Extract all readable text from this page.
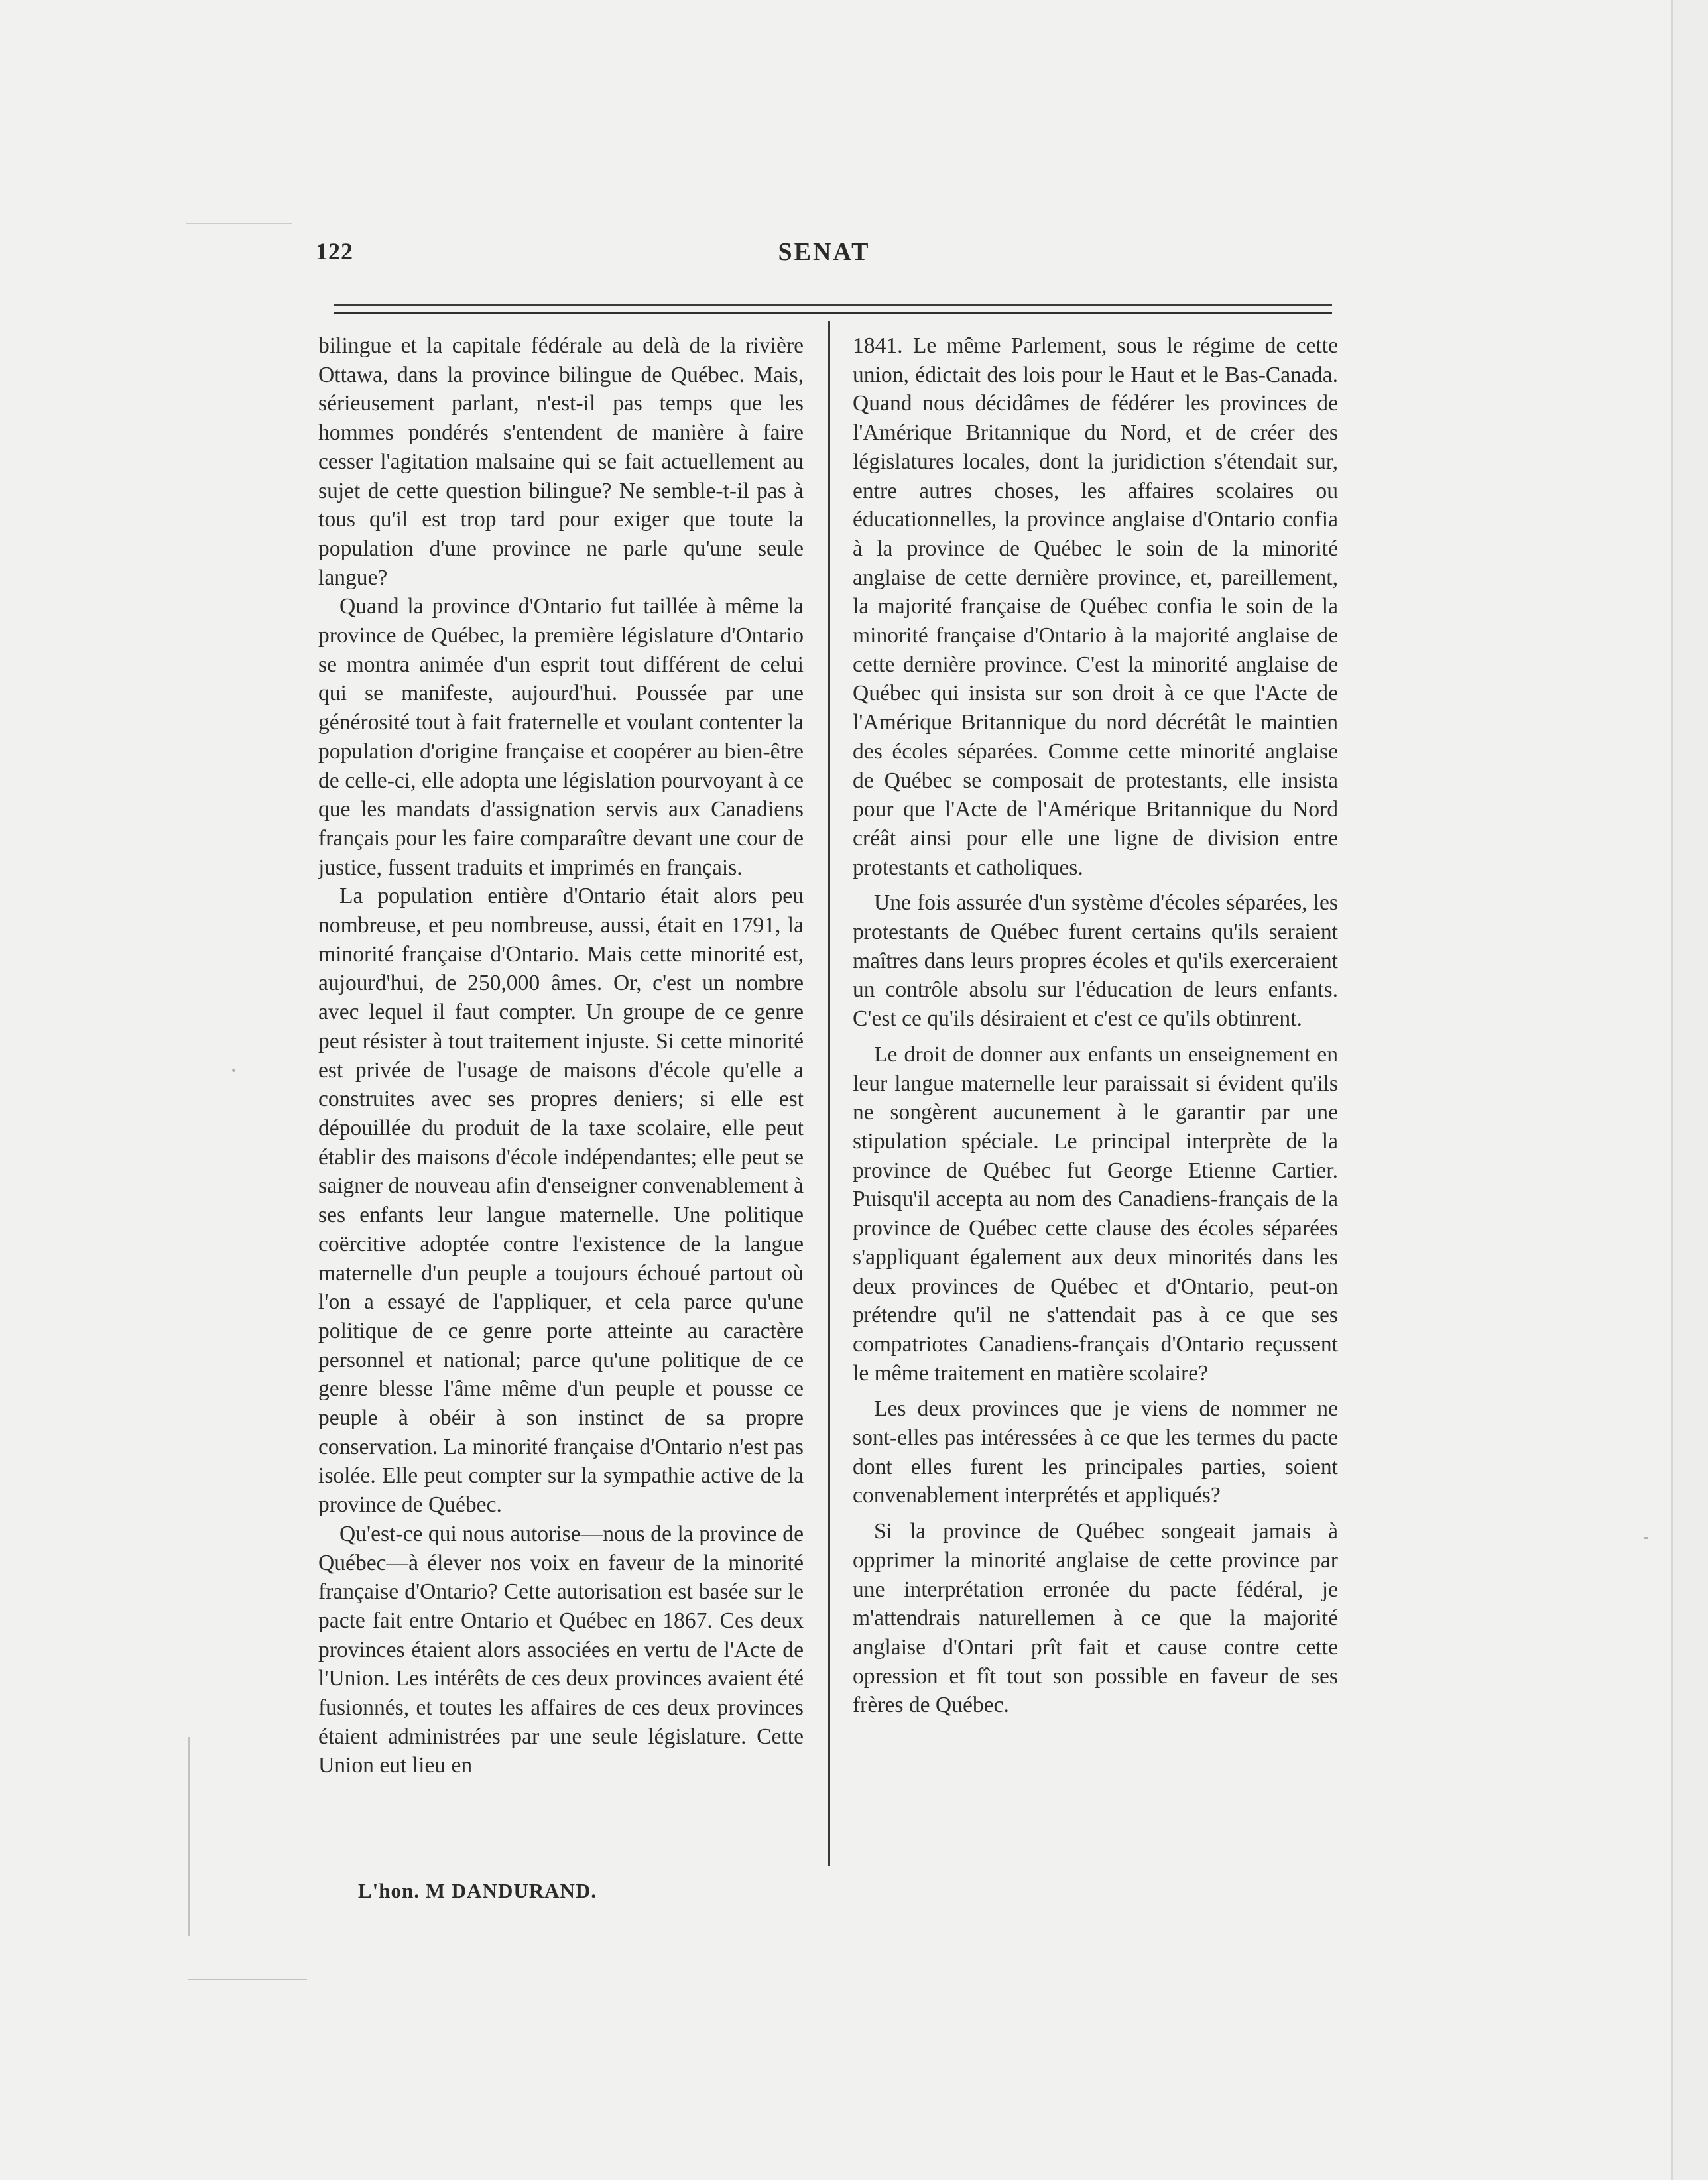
122	SENAT

bilingue et la capitale fédérale au delà de la rivière Ottawa, dans la province bilingue de Québec. Mais, sérieusement parlant, n'est-il pas temps que les hommes pondérés s'entendent de manière à faire cesser l'agitation malsaine qui se fait actuellement au sujet de cette question bilingue? Ne semble-t-il pas à tous qu'il est trop tard pour exiger que toute la population d'une province ne parle qu'une seule langue?

Quand la province d'Ontario fut taillée à même la province de Québec, la première législature d'Ontario se montra animée d'un esprit tout différent de celui qui se manifeste, aujourd'hui. Poussée par une générosité tout à fait fraternelle et voulant contenter la population d'origine française et coopérer au bien-être de celle-ci, elle adopta une législation pourvoyant à ce que les mandats d'assignation servis aux Canadiens français pour les faire comparaître devant une cour de justice, fussent traduits et imprimés en français.

La population entière d'Ontario était alors peu nombreuse, et peu nombreuse, aussi, était en 1791, la minorité française d'Ontario. Mais cette minorité est, aujourd'hui, de 250,000 âmes. Or, c'est un nombre avec lequel il faut compter. Un groupe de ce genre peut résister à tout traitement injuste. Si cette minorité est privée de l'usage de maisons d'école qu'elle a construites avec ses propres deniers; si elle est dépouillée du produit de la taxe scolaire, elle peut établir des maisons d'école indépendantes; elle peut se saigner de nouveau afin d'enseigner convenablement à ses enfants leur langue maternelle. Une politique coërcitive adoptée contre l'existence de la langue maternelle d'un peuple a toujours échoué partout où l'on a essayé de l'appliquer, et cela parce qu'une politique de ce genre porte atteinte au caractère personnel et national; parce qu'une politique de ce genre blesse l'âme même d'un peuple et pousse ce peuple à obéir à son instinct de sa propre conservation. La minorité française d'Ontario n'est pas isolée. Elle peut compter sur la sympathie active de la province de Québec.

Qu'est-ce qui nous autorise—nous de la province de Québec—à élever nos voix en faveur de la minorité française d'Ontario? Cette autorisation est basée sur le pacte fait entre Ontario et Québec en 1867. Ces deux provinces étaient alors associées en vertu de l'Acte de l'Union. Les intérêts de ces deux provinces avaient été fusionnés, et toutes les affaires de ces deux provinces étaient administrées par une seule législature. Cette Union eut lieu en

1841. Le même Parlement, sous le régime de cette union, édictait des lois pour le Haut et le Bas-Canada. Quand nous décidâmes de fédérer les provinces de l'Amérique Britannique du Nord, et de créer des législatures locales, dont la juridiction s'étendait sur, entre autres choses, les affaires scolaires ou éducationnelles, la province anglaise d'Ontario confia à la province de Québec le soin de la minorité anglaise de cette dernière province, et, pareillement, la majorité française de Québec confia le soin de la minorité française d'Ontario à la majorité anglaise de cette dernière province. C'est la minorité anglaise de Québec qui insista sur son droit à ce que l'Acte de l'Amérique Britannique du nord décrétât le maintien des écoles séparées. Comme cette minorité anglaise de Québec se composait de protestants, elle insista pour que l'Acte de l'Amérique Britannique du Nord créât ainsi pour elle une ligne de division entre protestants et catholiques.

Une fois assurée d'un système d'écoles séparées, les protestants de Québec furent certains qu'ils seraient maîtres dans leurs propres écoles et qu'ils exerceraient un contrôle absolu sur l'éducation de leurs enfants. C'est ce qu'ils désiraient et c'est ce qu'ils obtinrent.

Le droit de donner aux enfants un enseignement en leur langue maternelle leur paraissait si évident qu'ils ne songèrent aucunement à le garantir par une stipulation spéciale. Le principal interprète de la province de Québec fut George Etienne Cartier. Puisqu'il accepta au nom des Canadiens-français de la province de Québec cette clause des écoles séparées s'appliquant également aux deux minorités dans les deux provinces de Québec et d'Ontario, peut-on prétendre qu'il ne s'attendait pas à ce que ses compatriotes Canadiens-français d'Ontario reçussent le même traitement en matière scolaire?

Les deux provinces que je viens de nommer ne sont-elles pas intéressées à ce que les termes du pacte dont elles furent les principales parties, soient convenablement interprétés et appliqués?

Si la province de Québec songeait jamais à opprimer la minorité anglaise de cette province par une interprétation erronée du pacte fédéral, je m'attendrais naturellemen à ce que la majorité anglaise d'Ontari prît fait et cause contre cette opression et fît tout son possible en faveur de ses frères de Québec.

L'hon. M DANDURAND.
